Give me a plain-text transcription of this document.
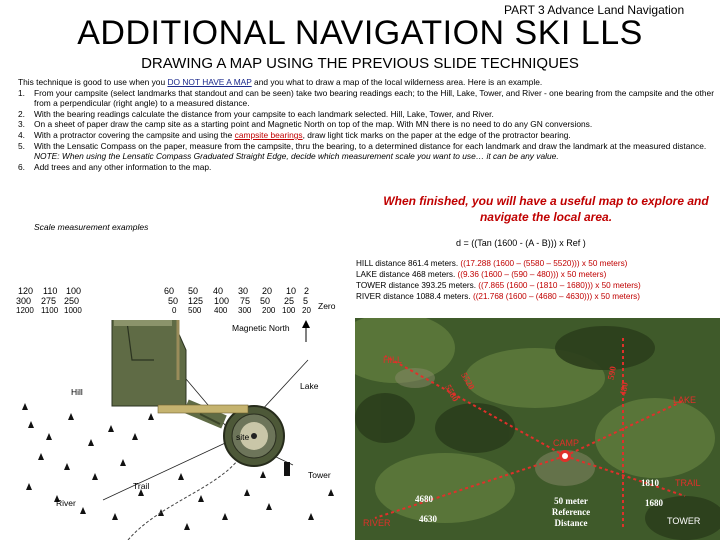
PART 3 Advance Land Navigation
ADDITIONAL NAVIGATION SKI LLS
DRAWING A MAP USING THE PREVIOUS SLIDE TECHNIQUES
This technique is good to use when you DO NOT HAVE A MAP and you what to draw a map of the local wilderness area. Here is an example.
1.	From your campsite (select landmarks that standout and can be seen) take two bearing readings each; to the Hill, Lake, Tower, and River - one bearing from the campsite and the other from a perpendicular (right angle) to a measured distance.
2.	With the bearing readings calculate the distance from your campsite to each landmark selected. Hill, Lake, Tower, and River.
3.	On a sheet of paper draw the camp site as a starting point and Magnetic North on top of the map. With MN there is no need to do any GN conversions.
4.	With a protractor covering the campsite and using the campsite bearings, draw light tick marks on the paper at the edge of the protractor bearing.
5.	With the Lensatic Compass on the paper, measure from the campsite, thru the bearing, to a determined distance for each landmark and draw the landmark at the measured distance.
NOTE: When using the Lensatic Compass Graduated Straight Edge, decide which measurement scale you want to use… it can be any value.
6.	Add trees and any other information to the map.
When finished, you will have a useful map to explore and navigate the local area.
Scale measurement examples
d = ((Tan (1600 - (A - B))) x Ref )
HILL distance 861.4 meters. ((17.288 (1600 – (5580 – 5520))) x 50 meters)
LAKE distance 468 meters. ((9.36 (1600 – (590 – 480))) x 50 meters)
TOWER distance 393.25 meters. ((7.865 (1600 – (1810 – 1680))) x 50 meters)
RIVER distance 1088.4 meters. ((21.768 (1600 – (4680 – 4630))) x 50 meters)
120 110 100	60 50 40 30 20 10 2
300 275 250	50 125 100 75 50 25 5
1200 1100 1000	0 500 400 300 200 100 20 Zero
Magnetic North
Hill
Lake
site
Tower
Trail
River
HILL
LAKE
CAMP
TRAIL
TOWER
RIVER
5520
5580
590
480
1810
1680
4680
4630
50 meter
Reference
Distance
